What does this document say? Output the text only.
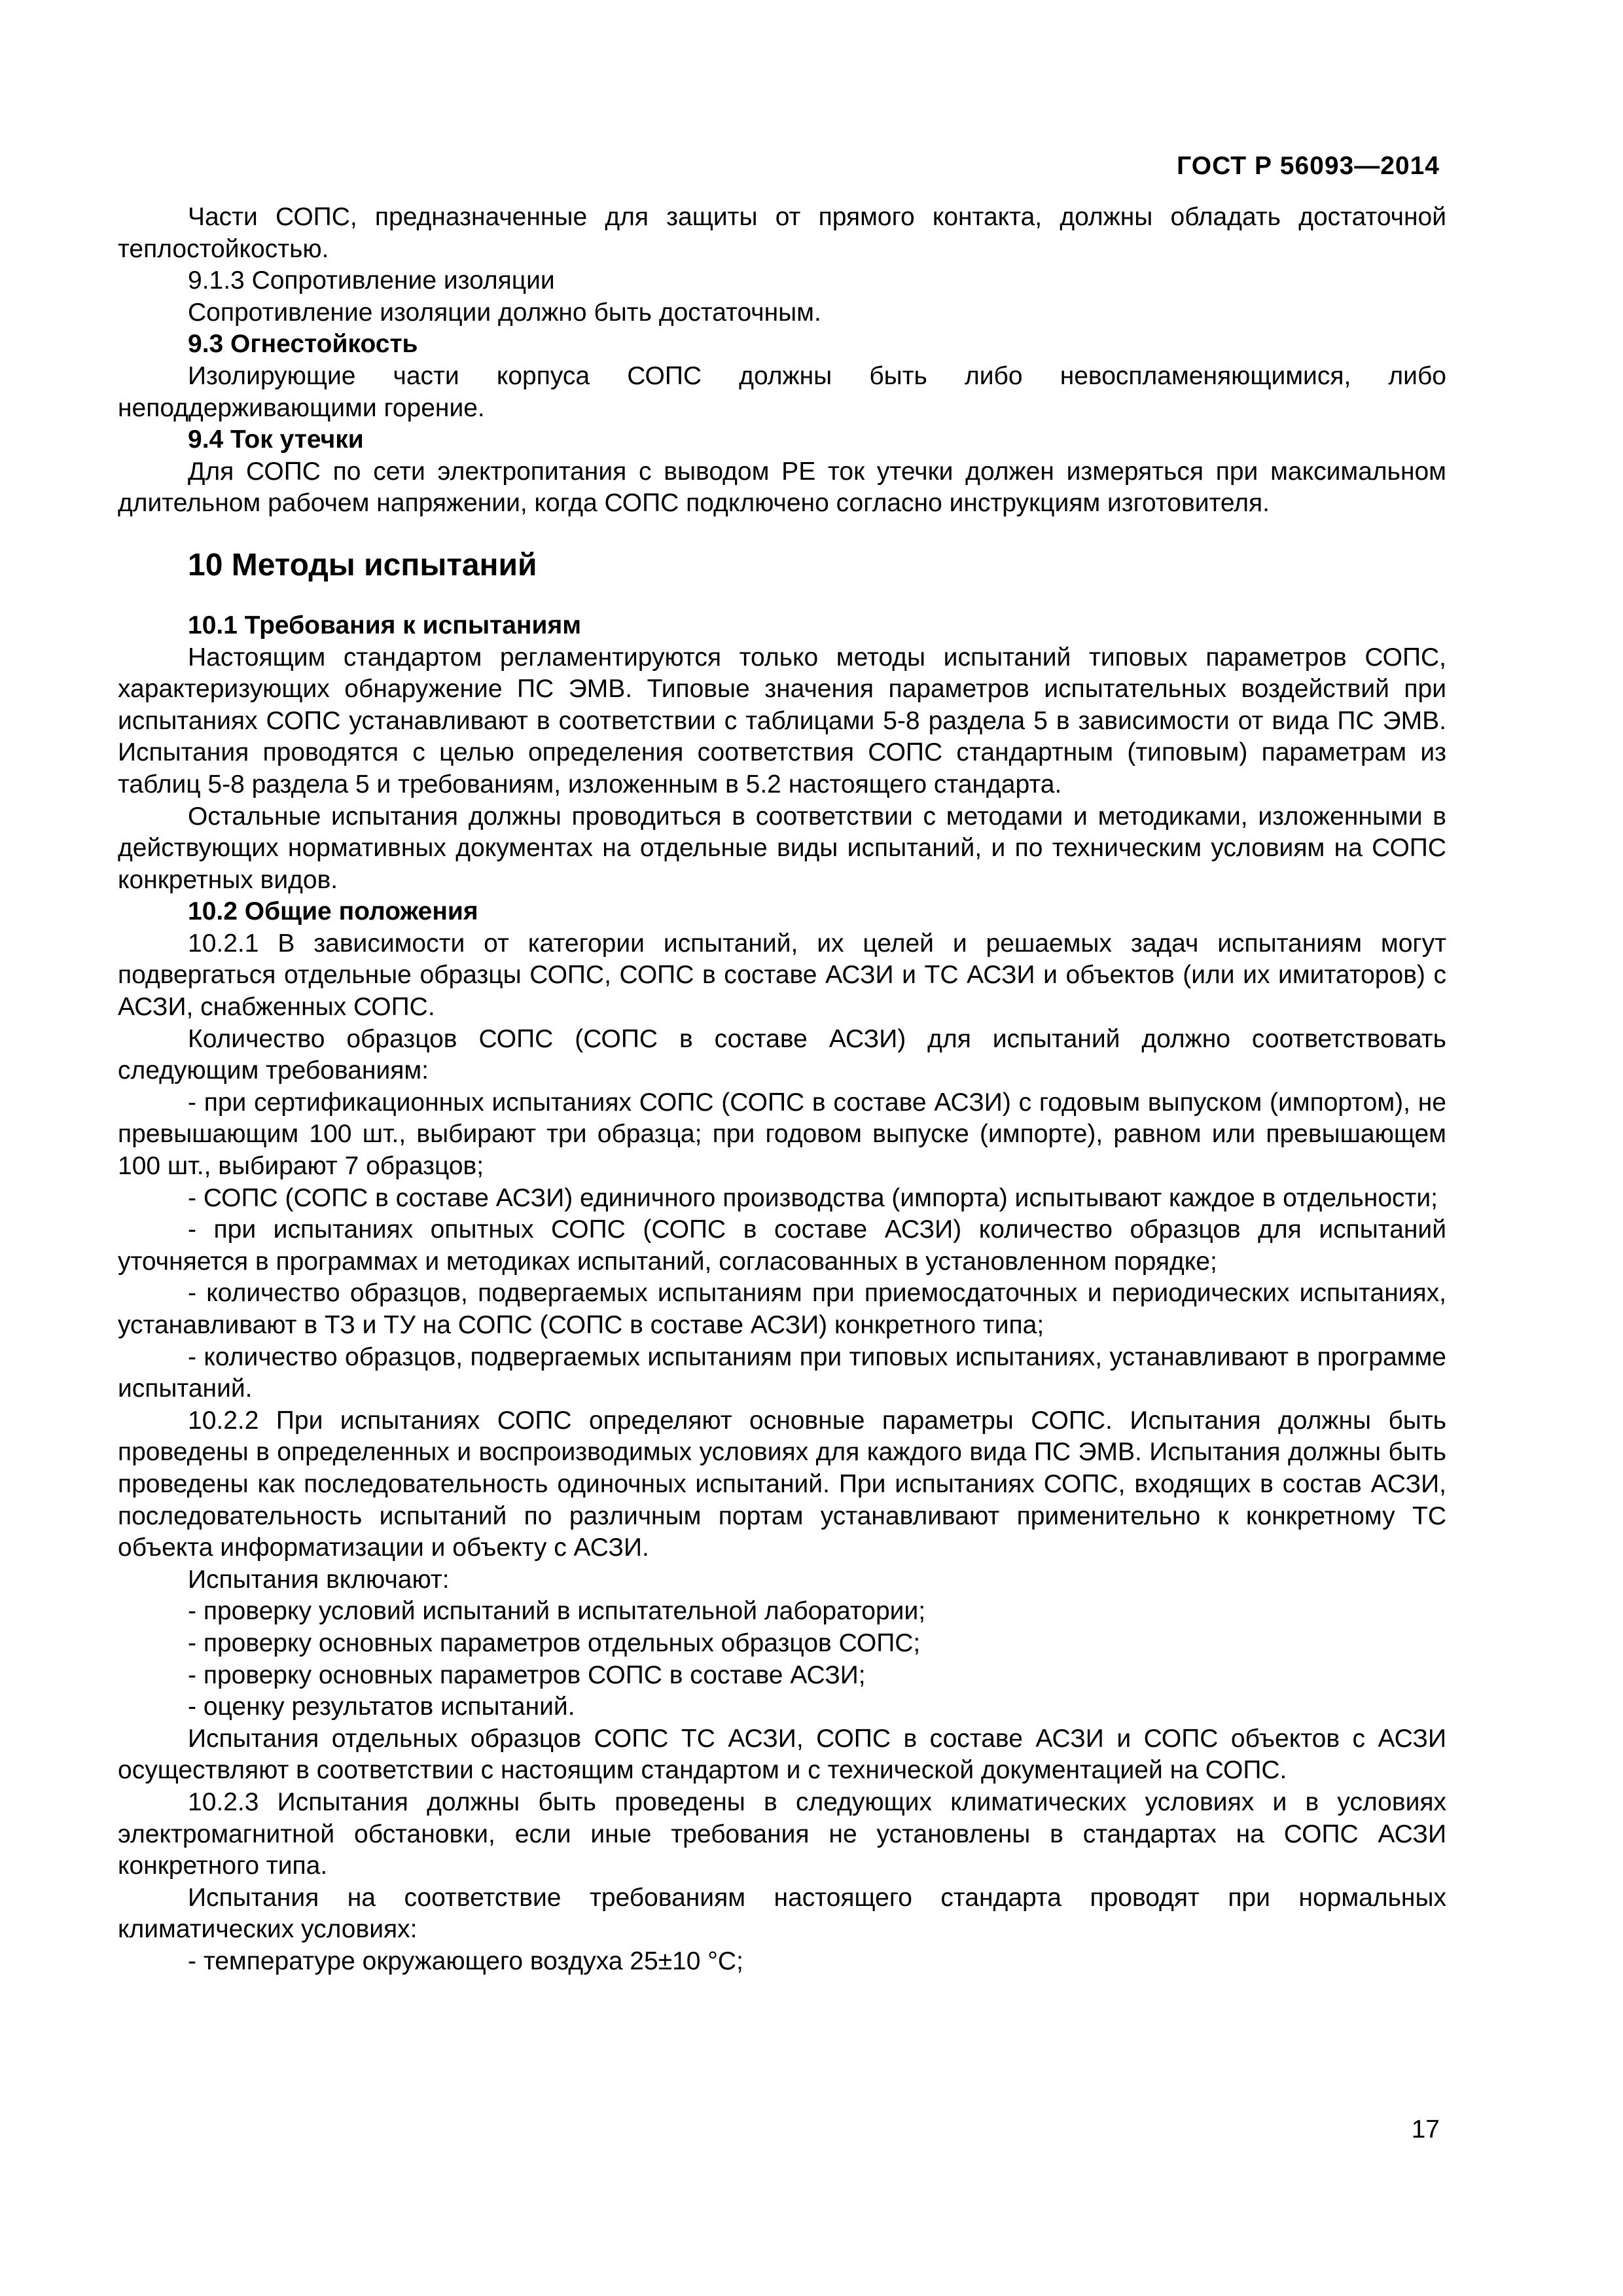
ГОСТ Р 56093—2014

Части СОПС, предназначенные для защиты от прямого контакта, должны обладать достаточной теплостойкостью.

9.1.3 Сопротивление изоляции

Сопротивление изоляции должно быть достаточным.

9.3 Огнестойкость

Изолирующие части корпуса СОПС должны быть либо невоспламеняющимися, либо неподдерживающими горение.

9.4 Ток утечки

Для СОПС по сети электропитания с выводом РЕ ток утечки должен измеряться при максимальном длительном рабочем напряжении, когда СОПС подключено согласно инструкциям изготовителя.

10 Методы испытаний

10.1 Требования к испытаниям

Настоящим стандартом регламентируются только методы испытаний типовых параметров СОПС, характеризующих обнаружение ПС ЭМВ. Типовые значения параметров испытательных воздействий при испытаниях СОПС устанавливают в соответствии с таблицами 5-8 раздела 5 в зависимости от вида ПС ЭМВ. Испытания проводятся с целью определения соответствия СОПС стандартным (типовым) параметрам из таблиц 5-8 раздела 5 и требованиям, изложенным в 5.2 настоящего стандарта.

Остальные испытания должны проводиться в соответствии с методами и методиками, изложенными в действующих нормативных документах на отдельные виды испытаний, и по техническим условиям на СОПС конкретных видов.

10.2 Общие положения

10.2.1 В зависимости от категории испытаний, их целей и решаемых задач испытаниям могут подвергаться отдельные образцы СОПС, СОПС в составе АСЗИ и ТС АСЗИ и объектов (или их имитаторов) с АСЗИ, снабженных СОПС.

Количество образцов СОПС (СОПС в составе АСЗИ) для испытаний должно соответствовать следующим требованиям:

- при сертификационных испытаниях СОПС (СОПС в составе АСЗИ) с годовым выпуском (импортом), не превышающим 100 шт., выбирают три образца; при годовом выпуске (импорте), равном или превышающем 100 шт., выбирают 7 образцов;

- СОПС (СОПС в составе АСЗИ) единичного производства (импорта) испытывают каждое в отдельности;

- при испытаниях опытных СОПС (СОПС в составе АСЗИ) количество образцов для испытаний уточняется в программах и методиках испытаний, согласованных в установленном порядке;

- количество образцов, подвергаемых испытаниям при приемосдаточных и периодических испытаниях, устанавливают в ТЗ и ТУ на СОПС (СОПС в составе АСЗИ) конкретного типа;

- количество образцов, подвергаемых испытаниям при типовых испытаниях, устанавливают в программе испытаний.

10.2.2 При испытаниях СОПС определяют основные параметры СОПС. Испытания должны быть проведены в определенных и воспроизводимых условиях для каждого вида ПС ЭМВ. Испытания должны быть проведены как последовательность одиночных испытаний. При испытаниях СОПС, входящих в состав АСЗИ, последовательность испытаний по различным портам устанавливают применительно к конкретному ТС объекта информатизации и объекту с АСЗИ.

Испытания включают:

- проверку условий испытаний в испытательной лаборатории;

- проверку основных параметров отдельных образцов СОПС;

- проверку основных параметров СОПС в составе АСЗИ;

- оценку результатов испытаний.

Испытания отдельных образцов СОПС ТС АСЗИ, СОПС в составе АСЗИ и СОПС объектов с АСЗИ осуществляют в соответствии с настоящим стандартом и с технической документацией на СОПС.

10.2.3 Испытания должны быть проведены в следующих климатических условиях и в условиях электромагнитной обстановки, если иные требования не установлены в стандартах на СОПС АСЗИ конкретного типа.

Испытания на соответствие требованиям настоящего стандарта проводят при нормальных климатических условиях:

- температуре окружающего воздуха 25±10 °С;

17
